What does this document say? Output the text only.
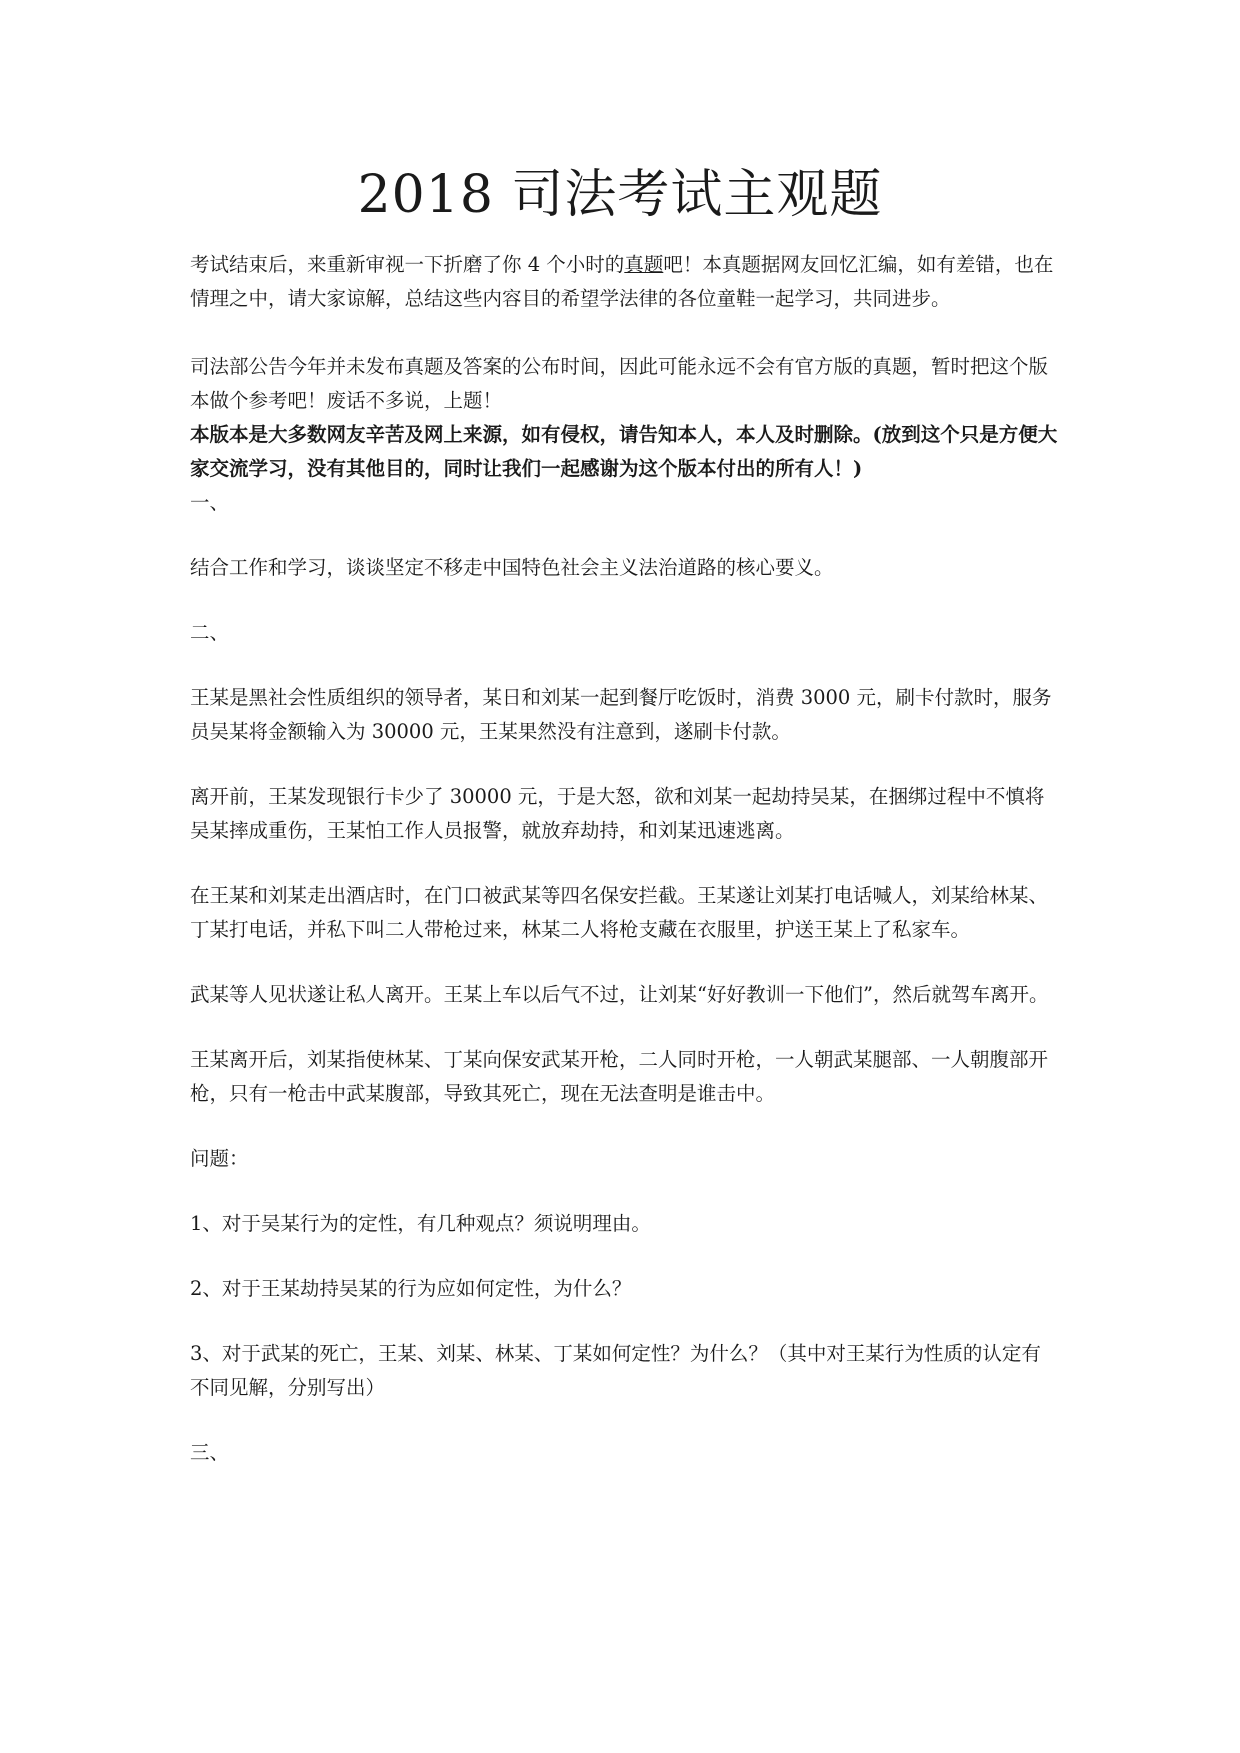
2018 司法考试主观题

考试结束后，来重新审视一下折磨了你 4 个小时的真题吧！本真题据网友回忆汇编，如有差错，也在情理之中，请大家谅解，总结这些内容目的希望学法律的各位童鞋一起学习，共同进步。

司法部公告今年并未发布真题及答案的公布时间，因此可能永远不会有官方版的真题，暂时把这个版本做个参考吧！废话不多说，上题！

本版本是大多数网友辛苦及网上来源，如有侵权，请告知本人，本人及时删除。(放到这个只是方便大家交流学习，没有其他目的，同时让我们一起感谢为这个版本付出的所有人！)

一、

结合工作和学习，谈谈坚定不移走中国特色社会主义法治道路的核心要义。

二、

王某是黑社会性质组织的领导者，某日和刘某一起到餐厅吃饭时，消费 3000 元，刷卡付款时，服务员吴某将金额输入为 30000 元，王某果然没有注意到，遂刷卡付款。

离开前，王某发现银行卡少了 30000 元，于是大怒，欲和刘某一起劫持吴某，在捆绑过程中不慎将吴某摔成重伤，王某怕工作人员报警，就放弃劫持，和刘某迅速逃离。

在王某和刘某走出酒店时，在门口被武某等四名保安拦截。王某遂让刘某打电话喊人，刘某给林某、丁某打电话，并私下叫二人带枪过来，林某二人将枪支藏在衣服里，护送王某上了私家车。

武某等人见状遂让私人离开。王某上车以后气不过，让刘某“好好教训一下他们”，然后就驾车离开。

王某离开后，刘某指使林某、丁某向保安武某开枪，二人同时开枪，一人朝武某腿部、一人朝腹部开枪，只有一枪击中武某腹部，导致其死亡，现在无法查明是谁击中。

问题：

1、对于吴某行为的定性，有几种观点？须说明理由。

2、对于王某劫持吴某的行为应如何定性，为什么？

3、对于武某的死亡，王某、刘某、林某、丁某如何定性？为什么？（其中对王某行为性质的认定有不同见解，分别写出）

三、
